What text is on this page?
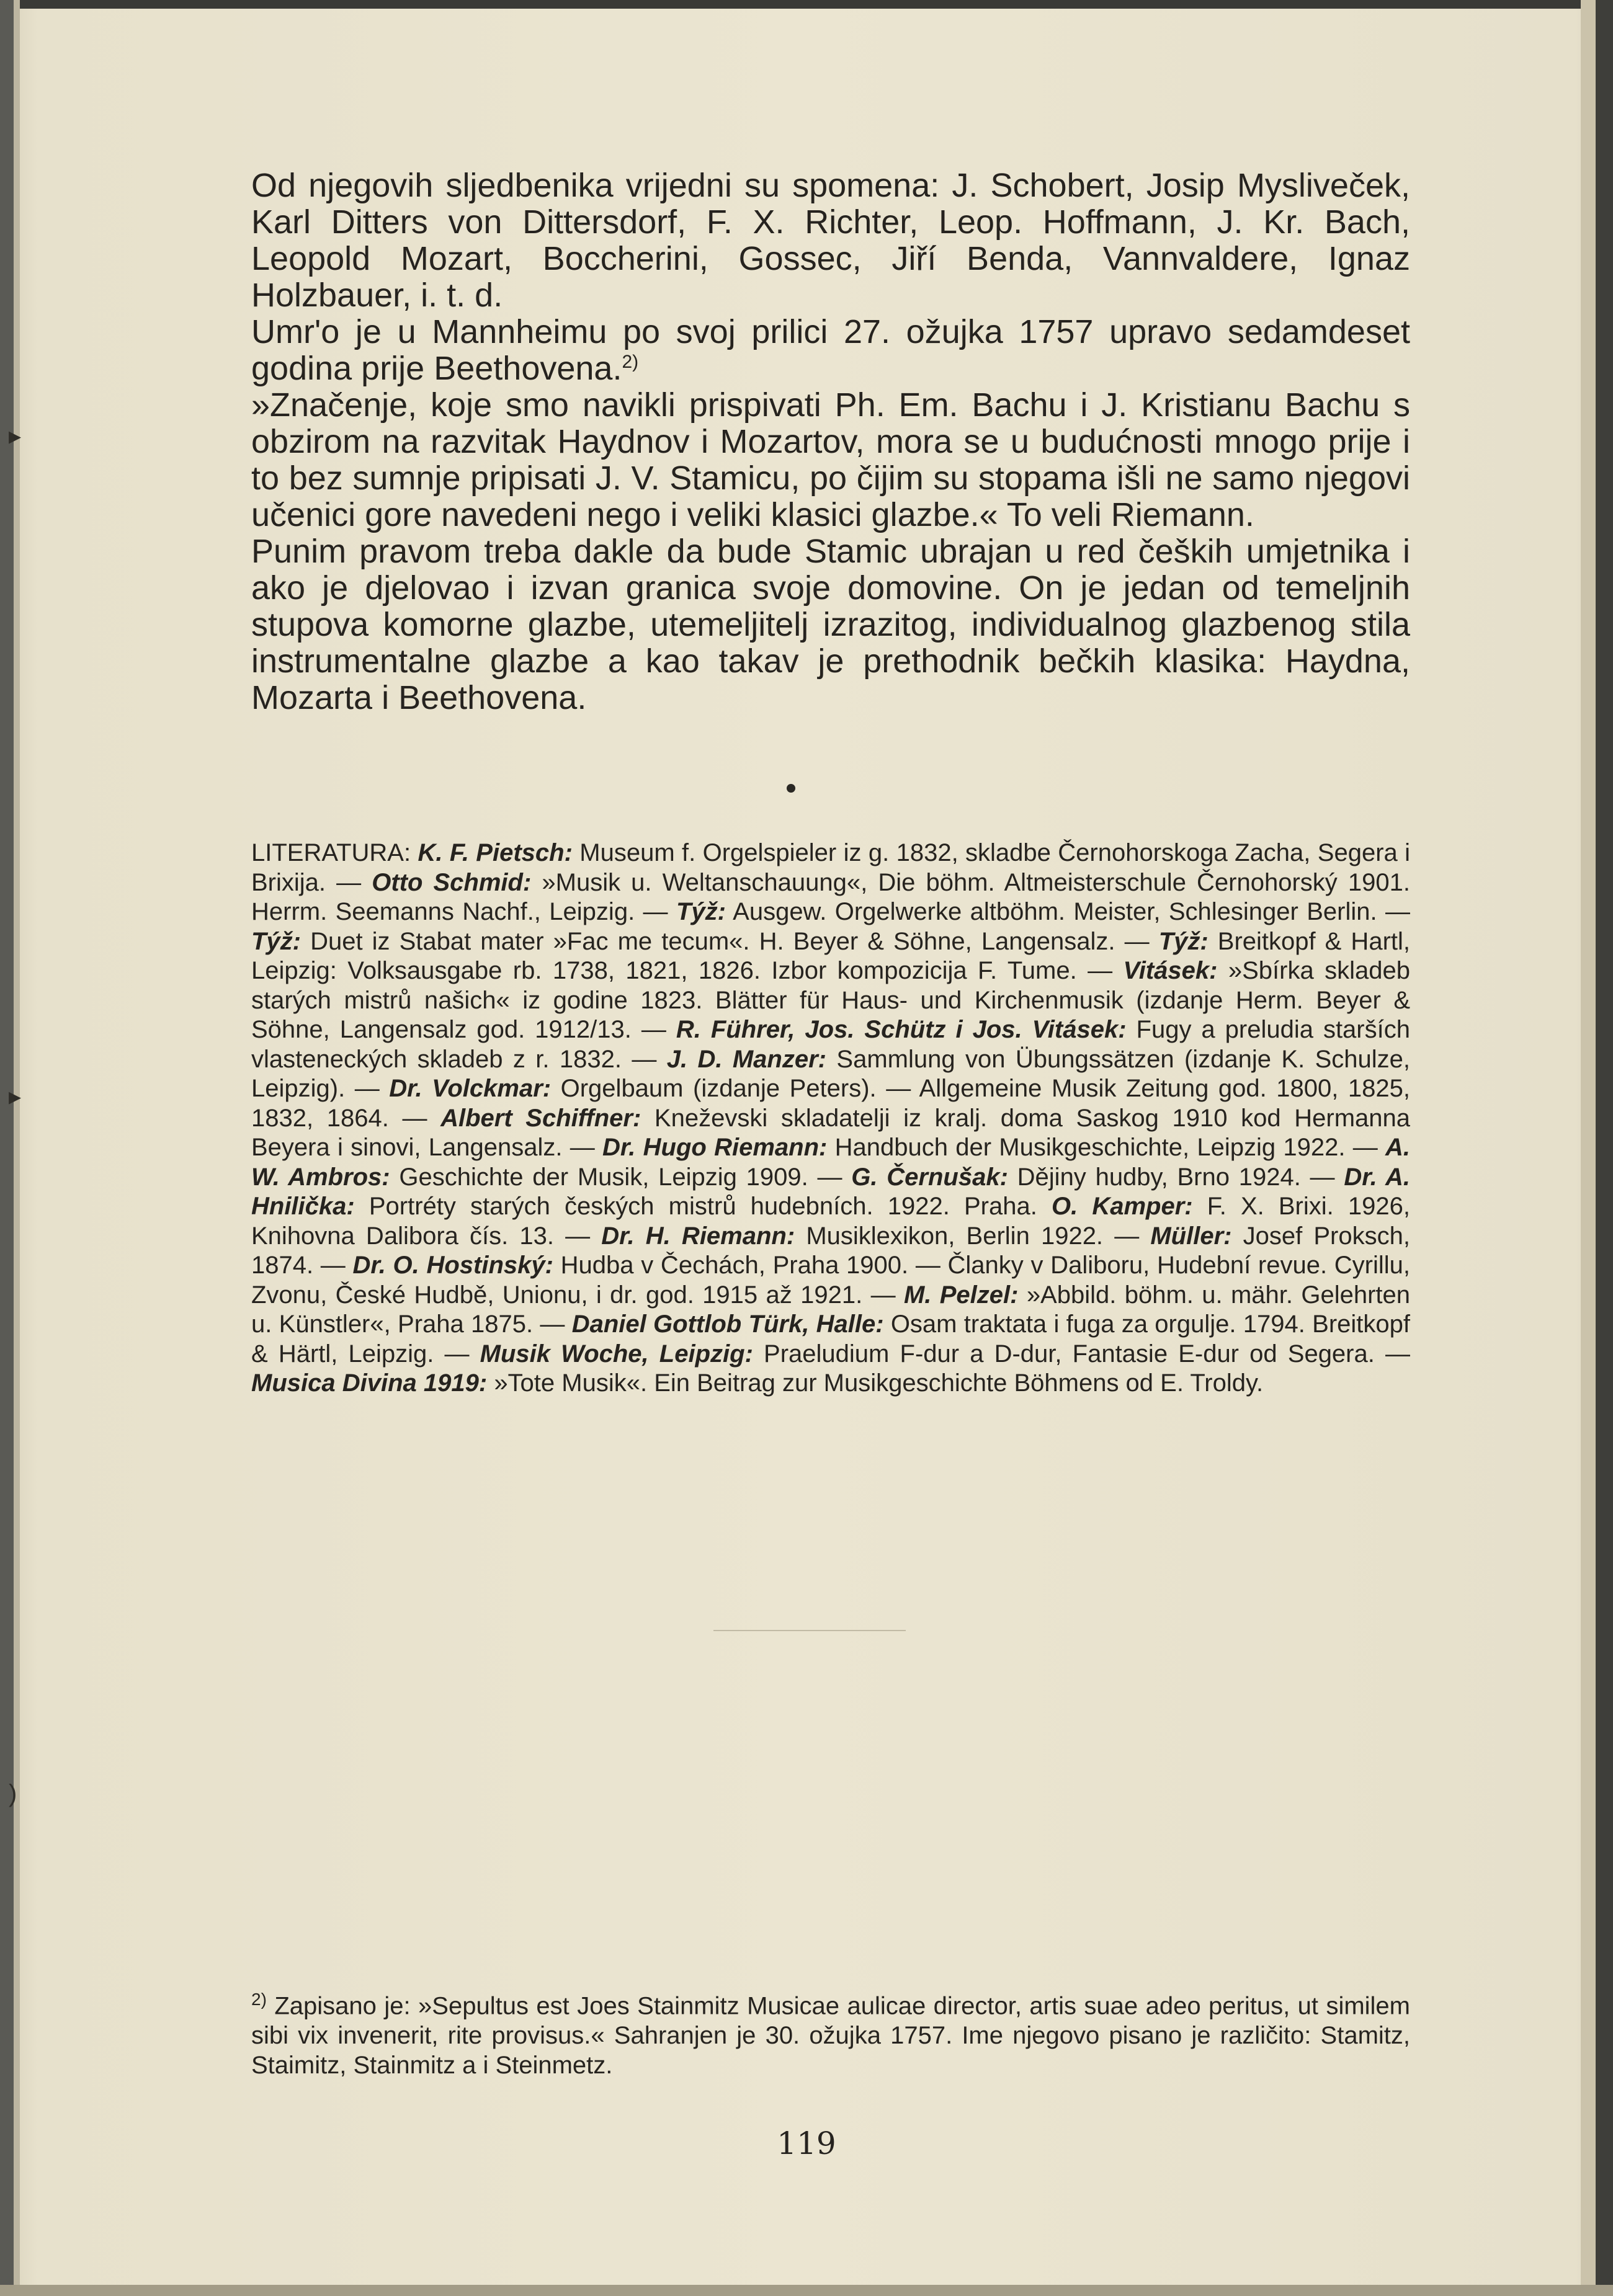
▸
▸
)

Od njegovih sljedbenika vrijedni su spomena: J. Schobert, Josip Mysliveček, Karl Ditters von Dittersdorf, F. X. Richter, Leop. Hoffmann, J. Kr. Bach, Leopold Mozart, Boccherini, Gossec, Jiří Benda, Vannvaldere, Ignaz Holzbauer, i. t. d.

Umr'o je u Mannheimu po svoj prilici 27. ožujka 1757 upravo sedamdeset godina prije Beethovena.$^{2)}$

»Značenje, koje smo navikli prispivati Ph. Em. Bachu i J. Kristianu Bachu s obzirom na razvitak Haydnov i Mozartov, mora se u budućnosti mnogo prije i to bez sumnje pripisati J. V. Stamicu, po čijim su stopama išli ne samo njegovi učenici gore navedeni nego i veliki klasici glazbe.« To veli Riemann.

Punim pravom treba dakle da bude Stamic ubrajan u red čeških umjetnika i ako je djelovao i izvan granica svoje domovine. On je jedan od temeljnih stupova komorne glazbe, utemeljitelj izrazitog, individualnog glazbenog stila instrumentalne glazbe a kao takav je prethodnik bečkih klasika: Haydna, Mozarta i Beethovena.

LITERATURA: K. F. Pietsch: Museum f. Orgelspieler iz g. 1832, skladbe Černohorskoga Zacha, Segera i Brixija. — Otto Schmid: »Musik u. Weltanschauung«, Die böhm. Altmeisterschule Černohorský 1901. Herrm. Seemanns Nachf., Leipzig. — Týž: Ausgew. Orgelwerke altböhm. Meister, Schlesinger Berlin. — Týž: Duet iz Stabat mater »Fac me tecum«. H. Beyer & Söhne, Langensalz. — Týž: Breitkopf & Hartl, Leipzig: Volksausgabe rb. 1738, 1821, 1826. Izbor kompozicija F. Tume. — Vitásek: »Sbírka skladeb starých mistrů našich« iz godine 1823. Blätter für Haus- und Kirchenmusik (izdanje Herm. Beyer & Söhne, Langensalz god. 1912/13. — R. Führer, Jos. Schütz i Jos. Vitásek: Fugy a preludia starších vlasteneckých skladeb z r. 1832. — J. D. Manzer: Sammlung von Übungssätzen (izdanje K. Schulze, Leipzig). — Dr. Volckmar: Orgelbaum (izdanje Peters). — Allgemeine Musik Zeitung god. 1800, 1825, 1832, 1864. — Albert Schiffner: Kneževski skladatelji iz kralj. doma Saskog 1910 kod Hermanna Beyera i sinovi, Langensalz. — Dr. Hugo Riemann: Handbuch der Musikgeschichte, Leipzig 1922. — A. W. Ambros: Geschichte der Musik, Leipzig 1909. — G. Černušak: Dějiny hudby, Brno 1924. — Dr. A. Hnilička: Portréty starých českých mistrů hudebních. 1922. Praha. O. Kamper: F. X. Brixi. 1926, Knihovna Dalibora čís. 13. — Dr. H. Riemann: Musiklexikon, Berlin 1922. — Müller: Josef Proksch, 1874. — Dr. O. Hostinský: Hudba v Čechách, Praha 1900. — Članky v Daliboru, Hudební revue. Cyrillu, Zvonu, České Hudbě, Unionu, i dr. god. 1915 až 1921. — M. Pelzel: »Abbild. böhm. u. mähr. Gelehrten u. Künstler«, Praha 1875. — Daniel Gottlob Türk, Halle: Osam traktata i fuga za orgulje. 1794. Breitkopf & Härtl, Leipzig. — Musik Woche, Leipzig: Praeludium F-dur a D-dur, Fantasie E-dur od Segera. — Musica Divina 1919: »Tote Musik«. Ein Beitrag zur Musikgeschichte Böhmens od E. Troldy.
$^{2)}$ Zapisano je: »Sepultus est Joes Stainmitz Musicae aulicae director, artis suae adeo peritus, ut similem sibi vix invenerit, rite provisus.« Sahranjen je 30. ožujka 1757. Ime njegovo pisano je različito: Stamitz, Staimitz, Stainmitz a i Steinmetz.
119
